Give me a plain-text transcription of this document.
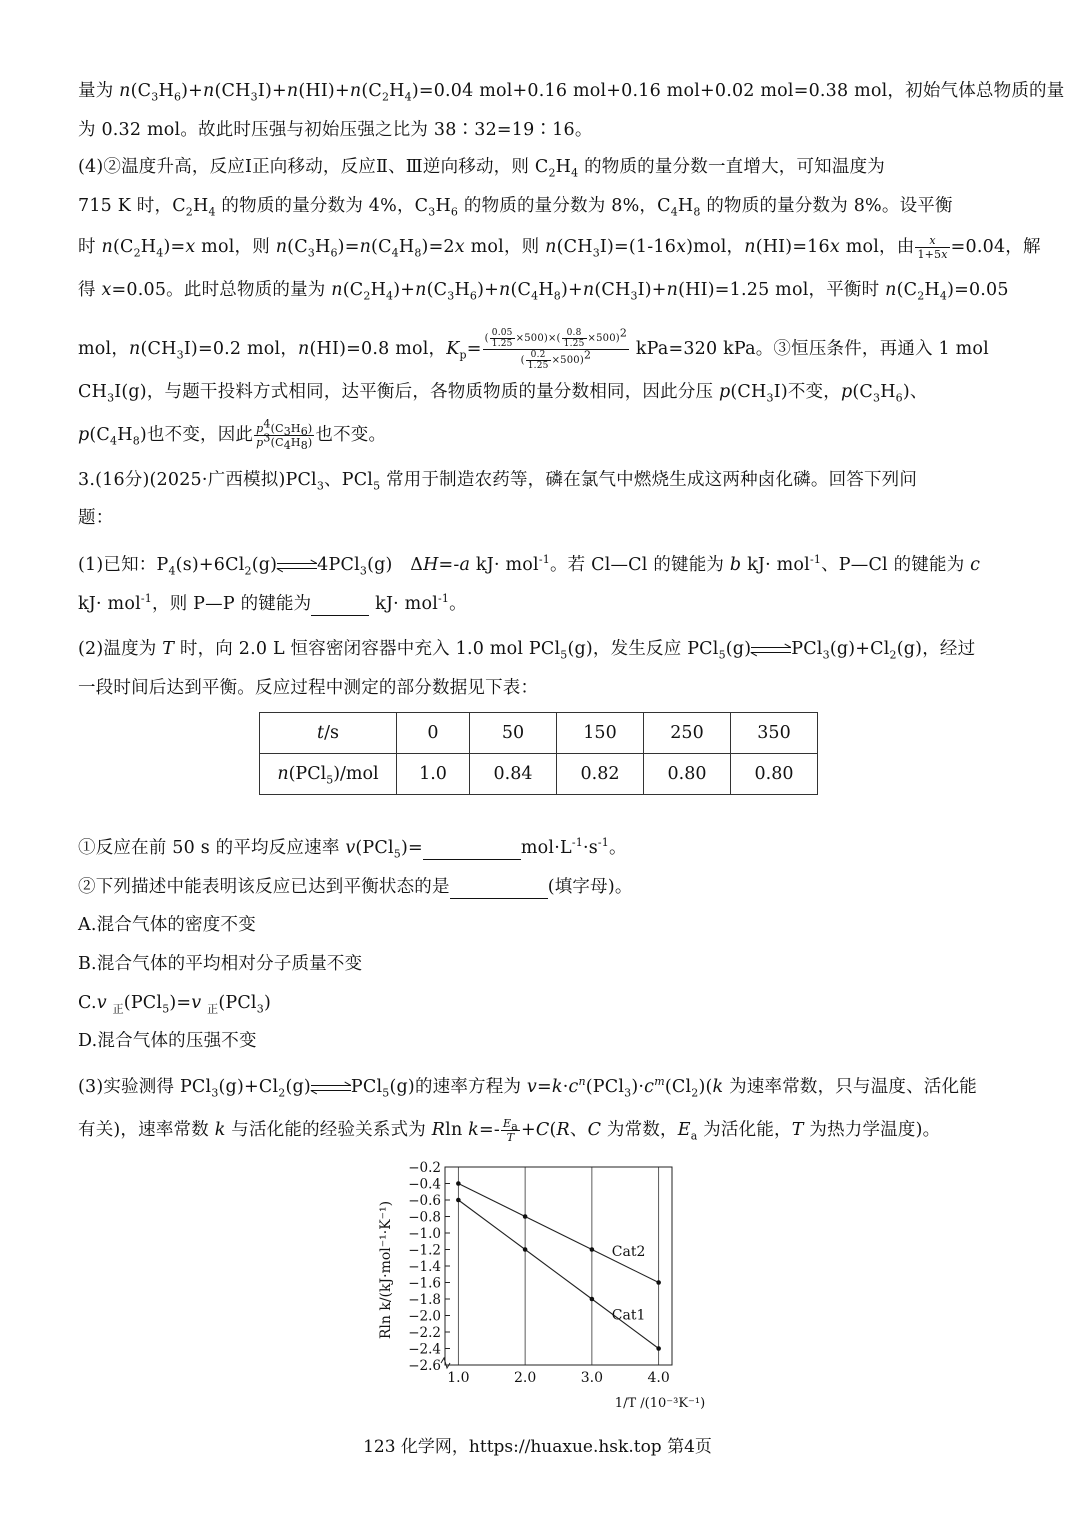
量为 $n(C_3H_6)+n(CH_3I)+n(HI)+n(C_2H_4)=0.04$ mol+0.16 mol+0.16 mol+0.02 mol=0.38 mol，初始气体总物质的量
为 0.32 mol。故此时压强与初始压强之比为 38∶32=19∶16。
(4)②温度升高，反应Ⅰ正向移动，反应Ⅱ、Ⅲ逆向移动，则 $C_2H_4$ 的物质的量分数一直增大，可知温度为
715 K 时，$C_2H_4$ 的物质的量分数为 4%，$C_3H_6$ 的物质的量分数为 8%，$C_4H_8$ 的物质的量分数为 8%。设平衡
时 $n(C_2H_4)=x$ mol，则 $n(C_3H_6)=n(C_4H_8)=2x$ mol，则 $n(CH_3I)=(1-16x)mol$，n(HI)=16x mol，由 $\frac{x}{1+5x} =0.04$，解
得 x=0.05。此时总物质的量为 $n(C_2H_4)+n(C_3H_6)+n(C_4H_8)+n(CH_3I)+n(HI)=1.25$ mol，平衡时 $n(C_2H_4)=0.05$
mol，$n(CH_3I)=0.2$ mol，n(HI)=0.8 mol，$K_p= \frac{( \frac{0.05}{1.25} \times 500)\times( \frac{0.8}{1.25} \times 500)^2}{( \frac{0.2}{1.25} \times 500)^2} kPa=320$ kPa。③恒压条件，再通入 1 mol
$CH_3I(g)$，与题干投料方式相同，达平衡后，各物质物质的量分数相同，因此分压 $p(CH_3I)$不变，$p(C_3H_6)$、
$p(C_4H_8)$也不变，因此 $\frac{p^4(C_3H_6)}{p^3(C_4H_8)}$ 也不变。
3.(16分)(2025·广西模拟)PCl$_3$、PCl$_5$ 常用于制造农药等，磷在氯气中燃烧生成这两种卤化磷。回答下列问
题：
(1)已知：$P_4(s)+6Cl_2(g)$ 4PCl$_3$(g)　ΔH=-a kJ· mol$^{-1}$。若 Cl—Cl 的键能为 b kJ· mol$^{-1}$、P—Cl 的键能为 c
kJ· mol$^{-1}$，则 P—P 的键能为	kJ· mol$^{-1}$。
(2)温度为 T 时，向 2.0 L 恒容密闭容器中充入 1.0 mol PCl$_5$(g)，发生反应 PCl$_5$(g) $PCl_3(g)+Cl_2(g)$，经过
一段时间后达到平衡。反应过程中测定的部分数据见下表：
t/s	0	50	150	250	350
n(PCl$_5$)/mol	1.0	0.84	0.82	0.80	0.80
①反应在前 50 s 的平均反应速率 v(PCl$_5$)=	$mol\cdot L^{-1}\cdot s^{-1}$。
②下列描述中能表明该反应已达到平衡状态的是	(填字母)。
A.混合气体的密度不变
B.混合气体的平均相对分子质量不变
C.v $_正$(PCl$_5$)=v $_正$(PCl$_3$)
D.混合气体的压强不变
(3)实验测得 $PCl_3(g)+Cl_2(g)$ PCl$_5$(g)的速率方程为 $v=k\cdot c^n(PCl_3)\cdot c^m(Cl_2)(k$ 为速率常数，只与温度、活化能
有关)，速率常数 k 与活化能的经验关系式为 Rln $k=- \frac{E_a}{T} +C(R$、C 为常数，$E_a$ 为活化能，T 为热力学温度)。
1.0	2.0	3.0	4.0
−0.2
−0.4
−0.6
−0.8
−1.0
−1.2
−1.4
−1.6
−1.8
−2.0
−2.2
−2.4
−2.6
Cat2
Cat1
Rln k/(kJ·mol⁻¹·K⁻¹)
1/T /(10⁻³K⁻¹)
123 化学网，https://huaxue.hsk.top 第4页
